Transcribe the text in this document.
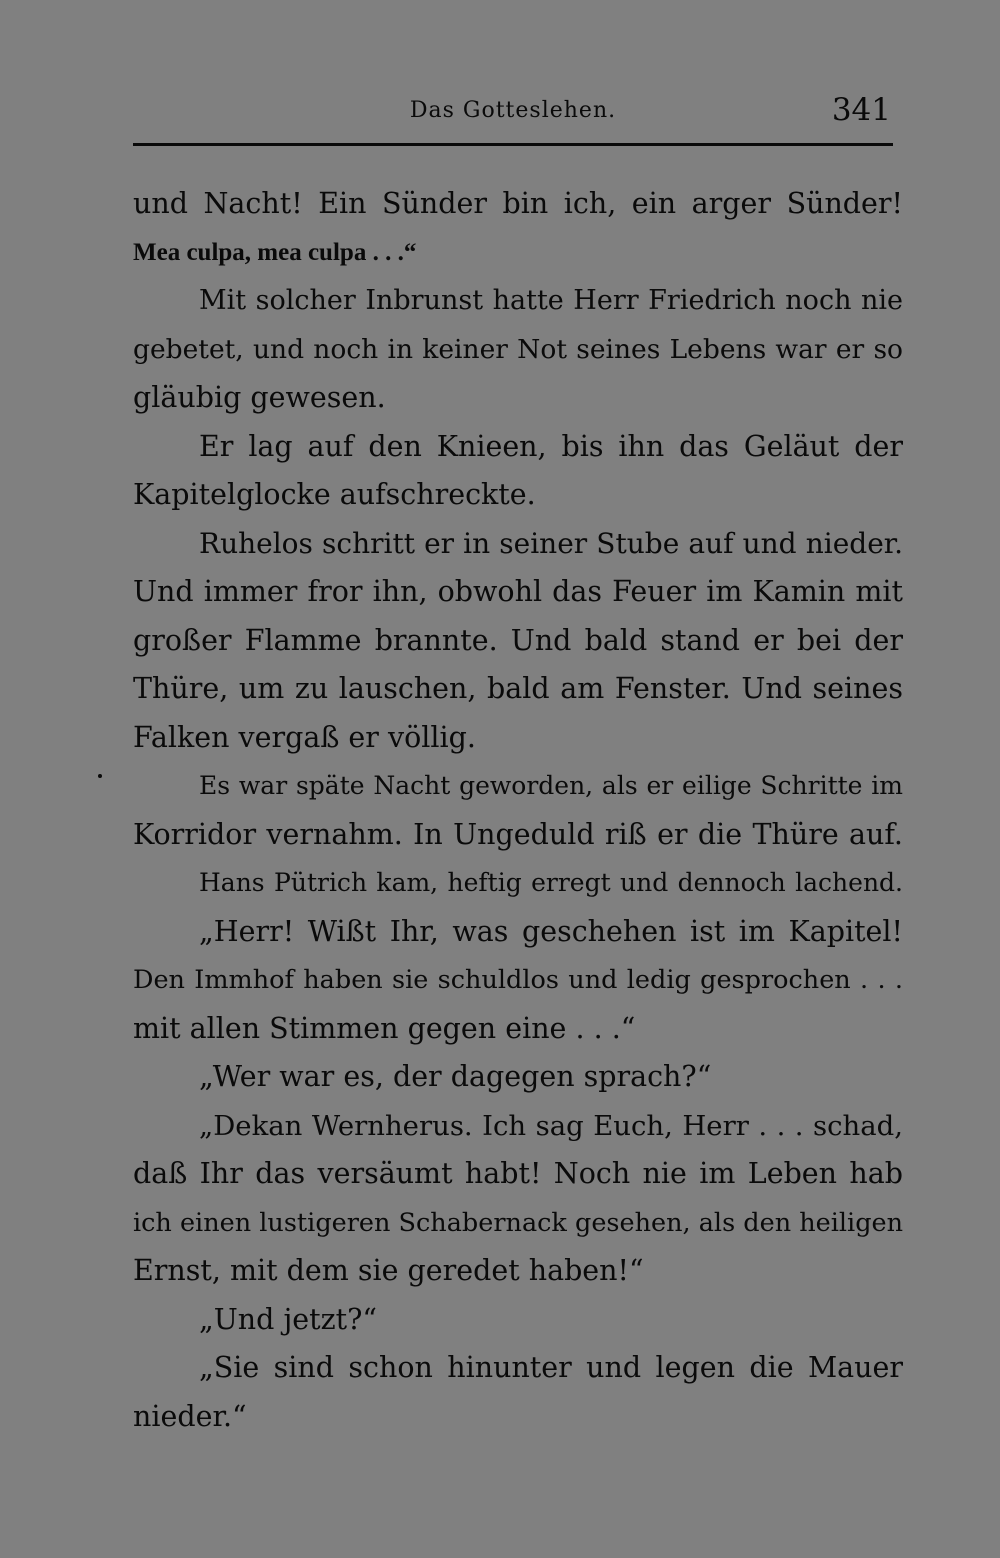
Das Gotteslehen.	341
und Nacht! Ein Sünder bin ich, ein arger Sünder!
Mea culpa, mea culpa . . .“
Mit solcher Inbrunst hatte Herr Friedrich noch nie
gebetet, und noch in keiner Not seines Lebens war er so
gläubig gewesen.
Er lag auf den Knieen, bis ihn das Geläut der
Kapitelglocke aufschreckte.
Ruhelos schritt er in seiner Stube auf und nieder.
Und immer fror ihn, obwohl das Feuer im Kamin mit
großer Flamme brannte. Und bald stand er bei der
Thüre, um zu lauschen, bald am Fenster. Und seines
Falken vergaß er völlig.
Es war späte Nacht geworden, als er eilige Schritte im
Korridor vernahm. In Ungeduld riß er die Thüre auf.
Hans Pütrich kam, heftig erregt und dennoch lachend.
„Herr! Wißt Ihr, was geschehen ist im Kapitel!
Den Immhof haben sie schuldlos und ledig gesprochen . . .
mit allen Stimmen gegen eine . . .“
„Wer war es, der dagegen sprach?“
„Dekan Wernherus. Ich sag Euch, Herr . . . schad,
daß Ihr das versäumt habt! Noch nie im Leben hab
ich einen lustigeren Schabernack gesehen, als den heiligen
Ernst, mit dem sie geredet haben!“
„Und jetzt?“
„Sie sind schon hinunter und legen die Mauer
nieder.“
